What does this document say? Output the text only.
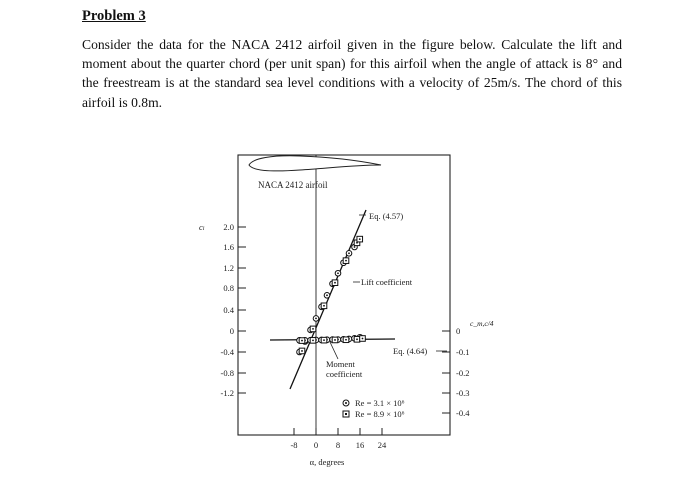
Problem 3
Consider the data for the NACA 2412 airfoil given in the figure below. Calculate the lift and moment about the quarter chord (per unit span) for this airfoil when the angle of attack is 8° and the freestream is at the standard sea level conditions with a velocity of 25m/s. The chord of this airfoil is 0.8m.
NACA 2412 airfoil
2.0
1.6
1.2
0.8
0.4
0
-0.4
-0.8
-1.2
cₗ
0
-0.1
-0.2
-0.3
-0.4
c_m,c/4
-8 0 8 16 24
α, degrees
Eq. (4.57)
Lift coefficient
Eq. (4.64)
Moment
coefficient
Re = 3.1 × 10⁶
Re = 8.9 × 10⁶
